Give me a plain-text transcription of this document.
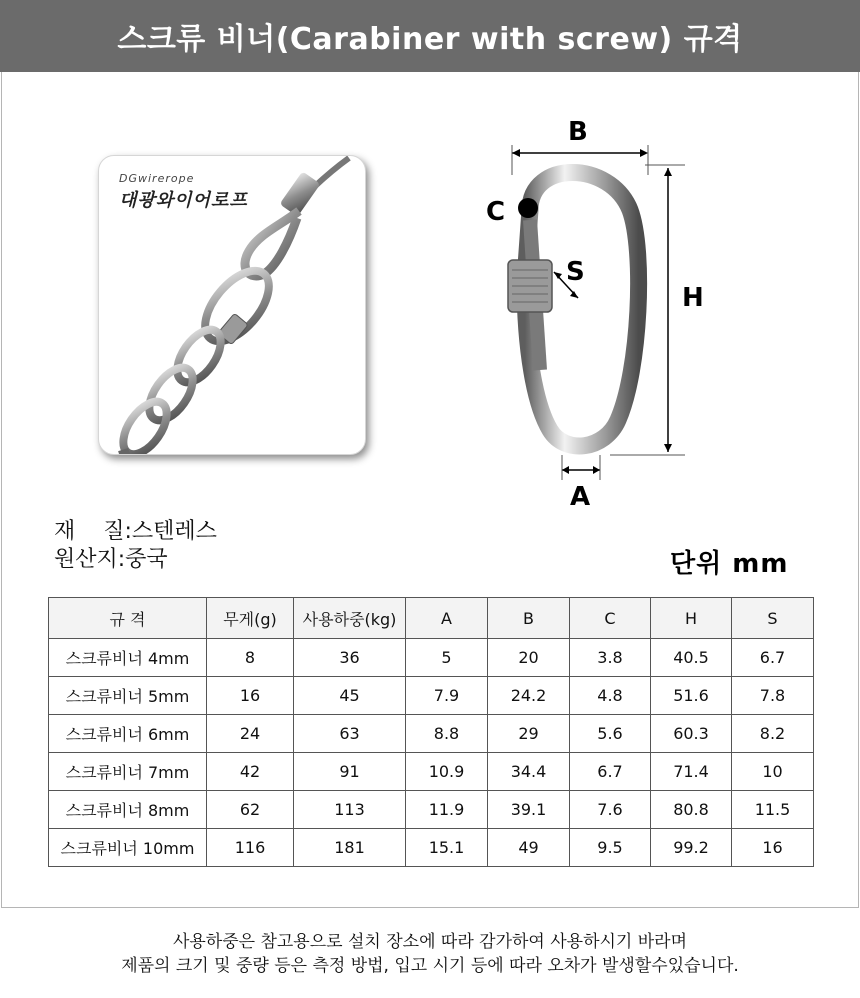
스크류 비너(Carabiner with screw) 규격
DGwirerope
대광와이어로프
B
C
S
H
A
재    질: 스텐레스
원산지: 중국	단위 mm
규 격	무게(g)	사용하중(kg)	A	B	C	H	S
스크류비너 4mm	8	36	5	20	3.8	40.5	6.7
스크류비너 5mm	16	45	7.9	24.2	4.8	51.6	7.8
스크류비너 6mm	24	63	8.8	29	5.6	60.3	8.2
스크류비너 7mm	42	91	10.9	34.4	6.7	71.4	10
스크류비너 8mm	62	113	11.9	39.1	7.6	80.8	11.5
스크류비너 10mm	116	181	15.1	49	9.5	99.2	16
사용하중은 참고용으로 설치 장소에 따라 감가하여 사용하시기 바라며
제품의 크기 및 중량 등은 측정 방법, 입고 시기 등에 따라 오차가 발생할수있습니다.
